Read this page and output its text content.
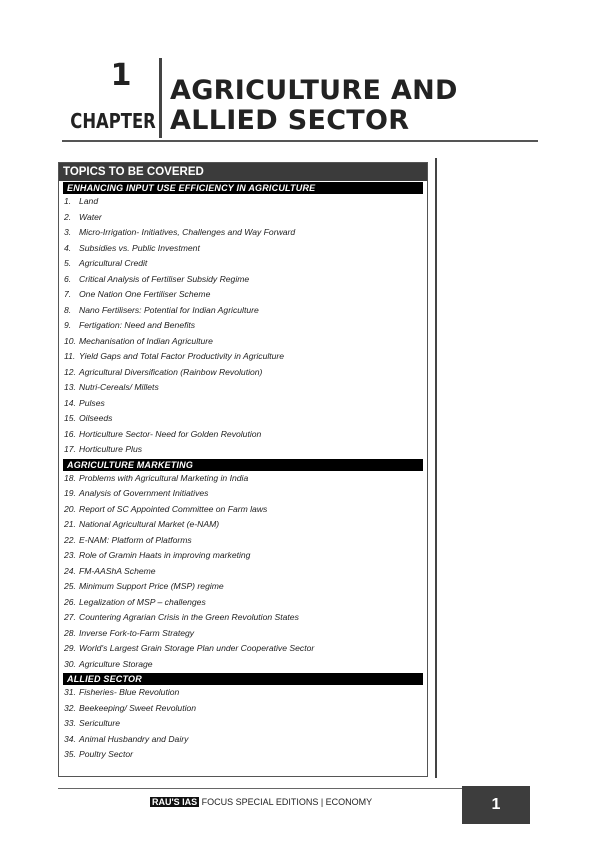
1
CHAPTER
AGRICULTURE AND
ALLIED SECTOR
TOPICS TO BE COVERED
ENHANCING INPUT USE EFFICIENCY IN AGRICULTURE
1. Land
2. Water
3. Micro-Irrigation- Initiatives, Challenges and Way Forward
4. Subsidies vs. Public Investment
5. Agricultural Credit
6. Critical Analysis of Fertiliser Subsidy Regime
7. One Nation One Fertiliser Scheme
8. Nano Fertilisers: Potential for Indian Agriculture
9. Fertigation: Need and Benefits
10. Mechanisation of Indian Agriculture
11. Yield Gaps and Total Factor Productivity in Agriculture
12. Agricultural Diversification (Rainbow Revolution)
13. Nutri-Cereals/ Millets
14. Pulses
15. Oilseeds
16. Horticulture Sector- Need for Golden Revolution
17. Horticulture Plus
AGRICULTURE MARKETING
18. Problems with Agricultural Marketing in India
19. Analysis of Government Initiatives
20. Report of SC Appointed Committee on Farm laws
21. National Agricultural Market (e-NAM)
22. E-NAM: Platform of Platforms
23. Role of Gramin Haats in improving marketing
24. FM-AAShA Scheme
25. Minimum Support Price (MSP) regime
26. Legalization of MSP – challenges
27. Countering Agrarian Crisis in the Green Revolution States
28. Inverse Fork-to-Farm Strategy
29. World's Largest Grain Storage Plan under Cooperative Sector
30. Agriculture Storage
ALLIED SECTOR
31. Fisheries- Blue Revolution
32. Beekeeping/ Sweet Revolution
33. Sericulture
34. Animal Husbandry and Dairy
35. Poultry Sector
RAU'S IAS FOCUS SPECIAL EDITIONS | ECONOMY	1
